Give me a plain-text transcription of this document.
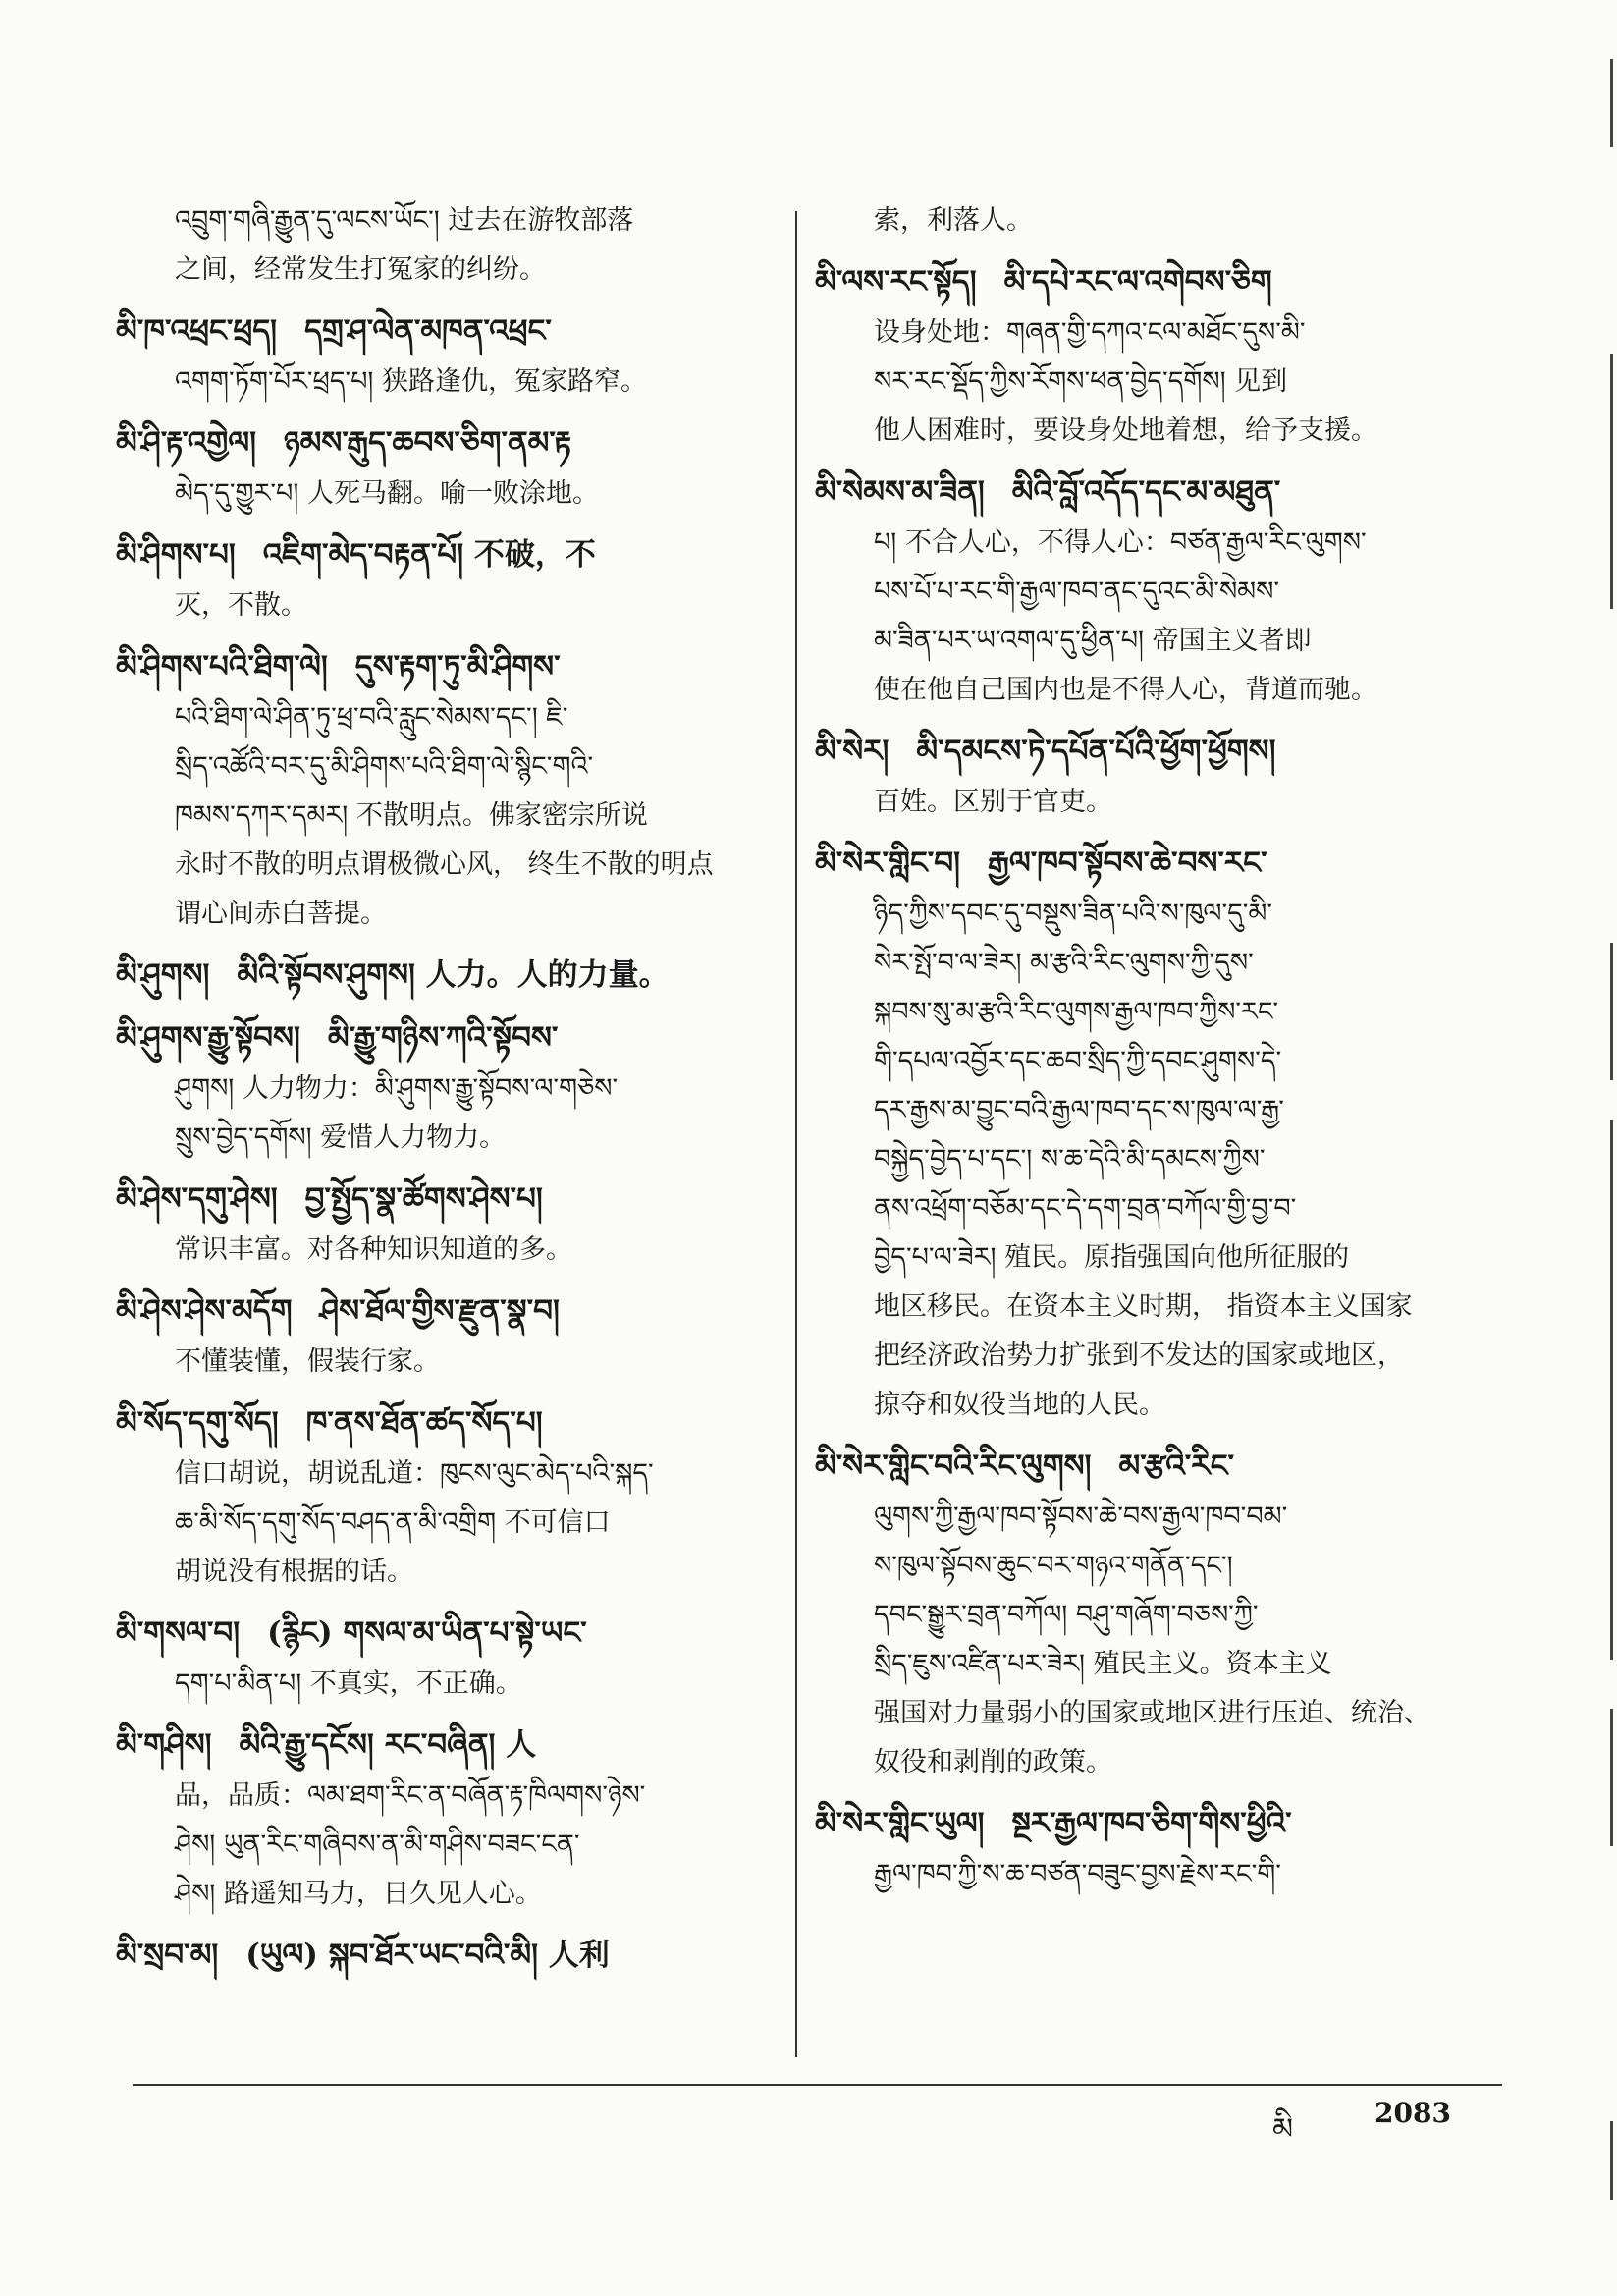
འབྲུག་གཞི་རྒྱུན་དུ་ལངས་ཡོང་། 过去在游牧部落
之间，经常发生打冤家的纠纷。
མི་ཁ་འཕྲང་ཕྲད། དགྲ་ཤ་ལེན་མཁན་འཕྲང་
འགག་ཏོག་པོར་ཕྲད་པ། 狭路逢仇，冤家路窄。
མི་ཤི་རྟ་འགྱེལ། ཉམས་རྒུད་ཆབས་ཅིག་ནམ་རྟ
མེད་དུ་གྱུར་པ། 人死马翻。喻一败涂地。
མི་ཤིགས་པ། འཇིག་མེད་བརྟན་པོ། 不破，不
灭，不散。
མི་ཤིགས་པའི་ཐིག་ལེ། དུས་རྟག་ཏུ་མི་ཤིགས་
པའི་ཐིག་ལེ་ཤིན་ཏུ་ཕྲ་བའི་རླུང་སེམས་དང་། ཇི་
སྲིད་འཚོའི་བར་དུ་མི་ཤིགས་པའི་ཐིག་ལེ་སྙིང་གའི་
ཁམས་དཀར་དམར། 不散明点。佛家密宗所说
永时不散的明点谓极微心风， 终生不散的明点
谓心间赤白菩提。
མི་ཤུགས། མིའི་སྟོབས་ཤུགས། 人力。人的力量。
མི་ཤུགས་རྒྱུ་སྟོབས། མི་རྒྱུ་གཉིས་ཀའི་སྟོབས་
ཤུགས། 人力物力：མི་ཤུགས་རྒྱུ་སྟོབས་ལ་གཅེས་
སྲུས་བྱེད་དགོས། 爱惜人力物力。
མི་ཤེས་དགུ་ཤེས། བྱ་སྤྱོད་སྣ་ཚོགས་ཤེས་པ།
常识丰富。对各种知识知道的多。
མི་ཤེས་ཤེས་མདོག ཤེས་ཐོལ་གྱིས་རྫུན་སྣ་བ།
不懂装懂，假装行家。
མི་སོད་དགུ་སོད། ཁ་ནས་ཐོན་ཚད་སོད་པ།
信口胡说，胡说乱道：ཁུངས་ལུང་མེད་པའི་སྐད་
ཆ་མི་སོད་དགུ་སོད་བཤད་ན་མི་འགྲིག 不可信口
胡说没有根据的话。
མི་གསལ་བ། (རྙིང) གསལ་མ་ཡིན་པ་སྟེ་ཡང་
དག་པ་མིན་པ། 不真实，不正确。
མི་གཤིས། མིའི་རྒྱུ་དངོས། རང་བཞིན། 人
品，品质：ལམ་ཐག་རིང་ན་བཞོན་རྟ་ཁིལགས་ཉེས་
ཤེས། ཡུན་རིང་གཞིབས་ན་མི་གཤིས་བཟང་ངན་
ཤེས། 路遥知马力，日久见人心。
མི་སྲབ་མ། (ཡུལ) སྐབ་ཐོར་ཡང་བའི་མི། 人利
索，利落人。
མི་ལས་རང་སྟོད། མི་དཔེ་རང་ལ་འགེབས་ཅིག
设身处地：གཞན་གྱི་དཀའ་ངལ་མཐོང་དུས་མི་
སར་རང་སྡོད་ཀྱིས་རོགས་ཕན་བྱེད་དགོས། 见到
他人困难时，要设身处地着想，给予支援。
མི་སེམས་མ་ཟིན། མིའི་བློ་འདོད་དང་མ་མཐུན་
པ། 不合人心，不得人心：བཙན་རྒྱལ་རིང་ལུགས་
པས་པོ་པ་རང་གི་རྒྱལ་ཁབ་ནང་དུའང་མི་སེམས་
མ་ཟིན་པར་ཡ་འགལ་དུ་ཕྱིན་པ། 帝国主义者即
使在他自己国内也是不得人心，背道而驰。
མི་སེར། མི་དམངས་ཏེ་དཔོན་པོའི་ཕྱོག་ཕྱོགས།
百姓。区别于官吏。
མི་སེར་གླིང་བ། རྒྱལ་ཁབ་སྟོབས་ཆེ་བས་རང་
ཉིད་ཀྱིས་དབང་དུ་བསྡུས་ཟིན་པའི་ས་ཁུལ་དུ་མི་
སེར་སྤོ་བ་ལ་ཟེར། མ་རྩའི་རིང་ལུགས་ཀྱི་དུས་
སྐབས་སུ་མ་རྩའི་རིང་ལུགས་རྒྱལ་ཁབ་ཀྱིས་རང་
གི་དཔལ་འབྱོར་དང་ཆབ་སྲིད་ཀྱི་དབང་ཤུགས་དེ་
དར་རྒྱས་མ་བྱུང་བའི་རྒྱལ་ཁབ་དང་ས་ཁུལ་ལ་རྒྱ་
བསྐྱེད་བྱེད་པ་དང་། ས་ཆ་དེའི་མི་དམངས་ཀྱིས་
ནས་འཕྲོག་བཅོམ་དང་དེ་དག་བྲན་བཀོལ་གྱི་བྱ་བ་
བྱེད་པ་ལ་ཟེར། 殖民。原指强国向他所征服的
地区移民。在资本主义时期， 指资本主义国家
把经济政治势力扩张到不发达的国家或地区，
掠夺和奴役当地的人民。
མི་སེར་གླིང་བའི་རིང་ལུགས། མ་རྩའི་རིང་
ལུགས་ཀྱི་རྒྱལ་ཁབ་སྟོབས་ཆེ་བས་རྒྱལ་ཁབ་བམ་
ས་ཁུལ་སྟོབས་ཆུང་བར་གཉའ་གནོན་དང་།
དབང་སྒྱུར་བྲན་བཀོལ། བཤུ་གཞོག་བཅས་ཀྱི་
སྲིད་ཇུས་འཛིན་པར་ཟེར། 殖民主义。资本主义
强国对力量弱小的国家或地区进行压迫、统治、
奴役和剥削的政策。
མི་སེར་གླིང་ཡུལ། སྔར་རྒྱལ་ཁབ་ཅིག་གིས་ཕྱིའི་
རྒྱལ་ཁབ་ཀྱི་ས་ཆ་བཙན་བཟུང་བྱས་རྗེས་རང་གི་
མི	2083
